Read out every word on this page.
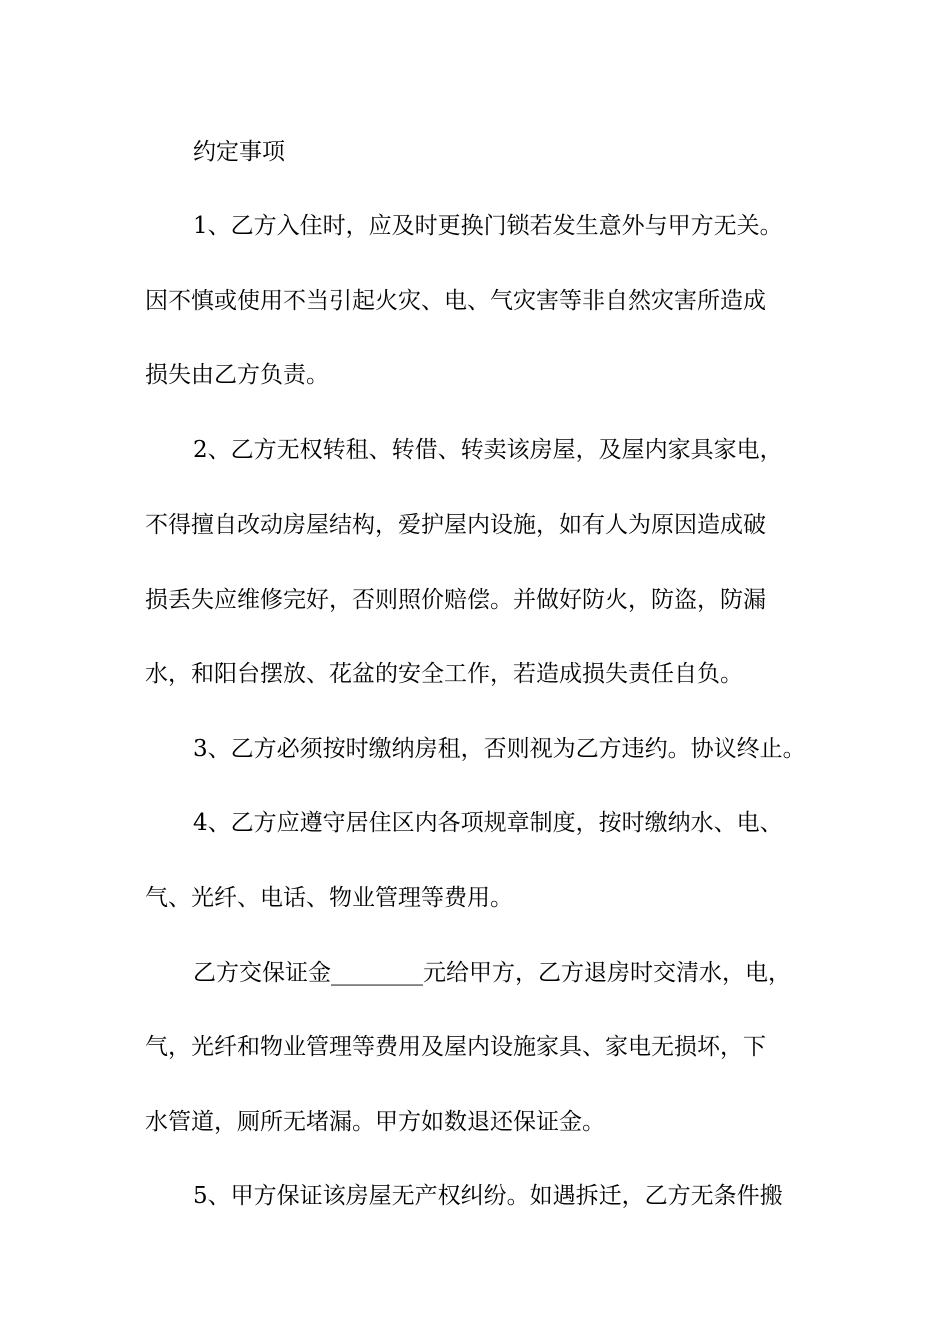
约定事项
1、乙方入住时，应及时更换门锁若发生意外与甲方无关。
因不慎或使用不当引起火灾、电、气灾害等非自然灾害所造成
损失由乙方负责。
2、乙方无权转租、转借、转卖该房屋，及屋内家具家电，
不得擅自改动房屋结构，爱护屋内设施，如有人为原因造成破
损丢失应维修完好，否则照价赔偿。并做好防火，防盗，防漏
水，和阳台摆放、花盆的安全工作，若造成损失责任自负。
3、乙方必须按时缴纳房租，否则视为乙方违约。协议终止。
4、乙方应遵守居住区内各项规章制度，按时缴纳水、电、
气、光纤、电话、物业管理等费用。
乙方交保证金________元给甲方，乙方退房时交清水，电，
气，光纤和物业管理等费用及屋内设施家具、家电无损坏，下
水管道，厕所无堵漏。甲方如数退还保证金。
5、甲方保证该房屋无产权纠纷。如遇拆迁，乙方无条件搬
